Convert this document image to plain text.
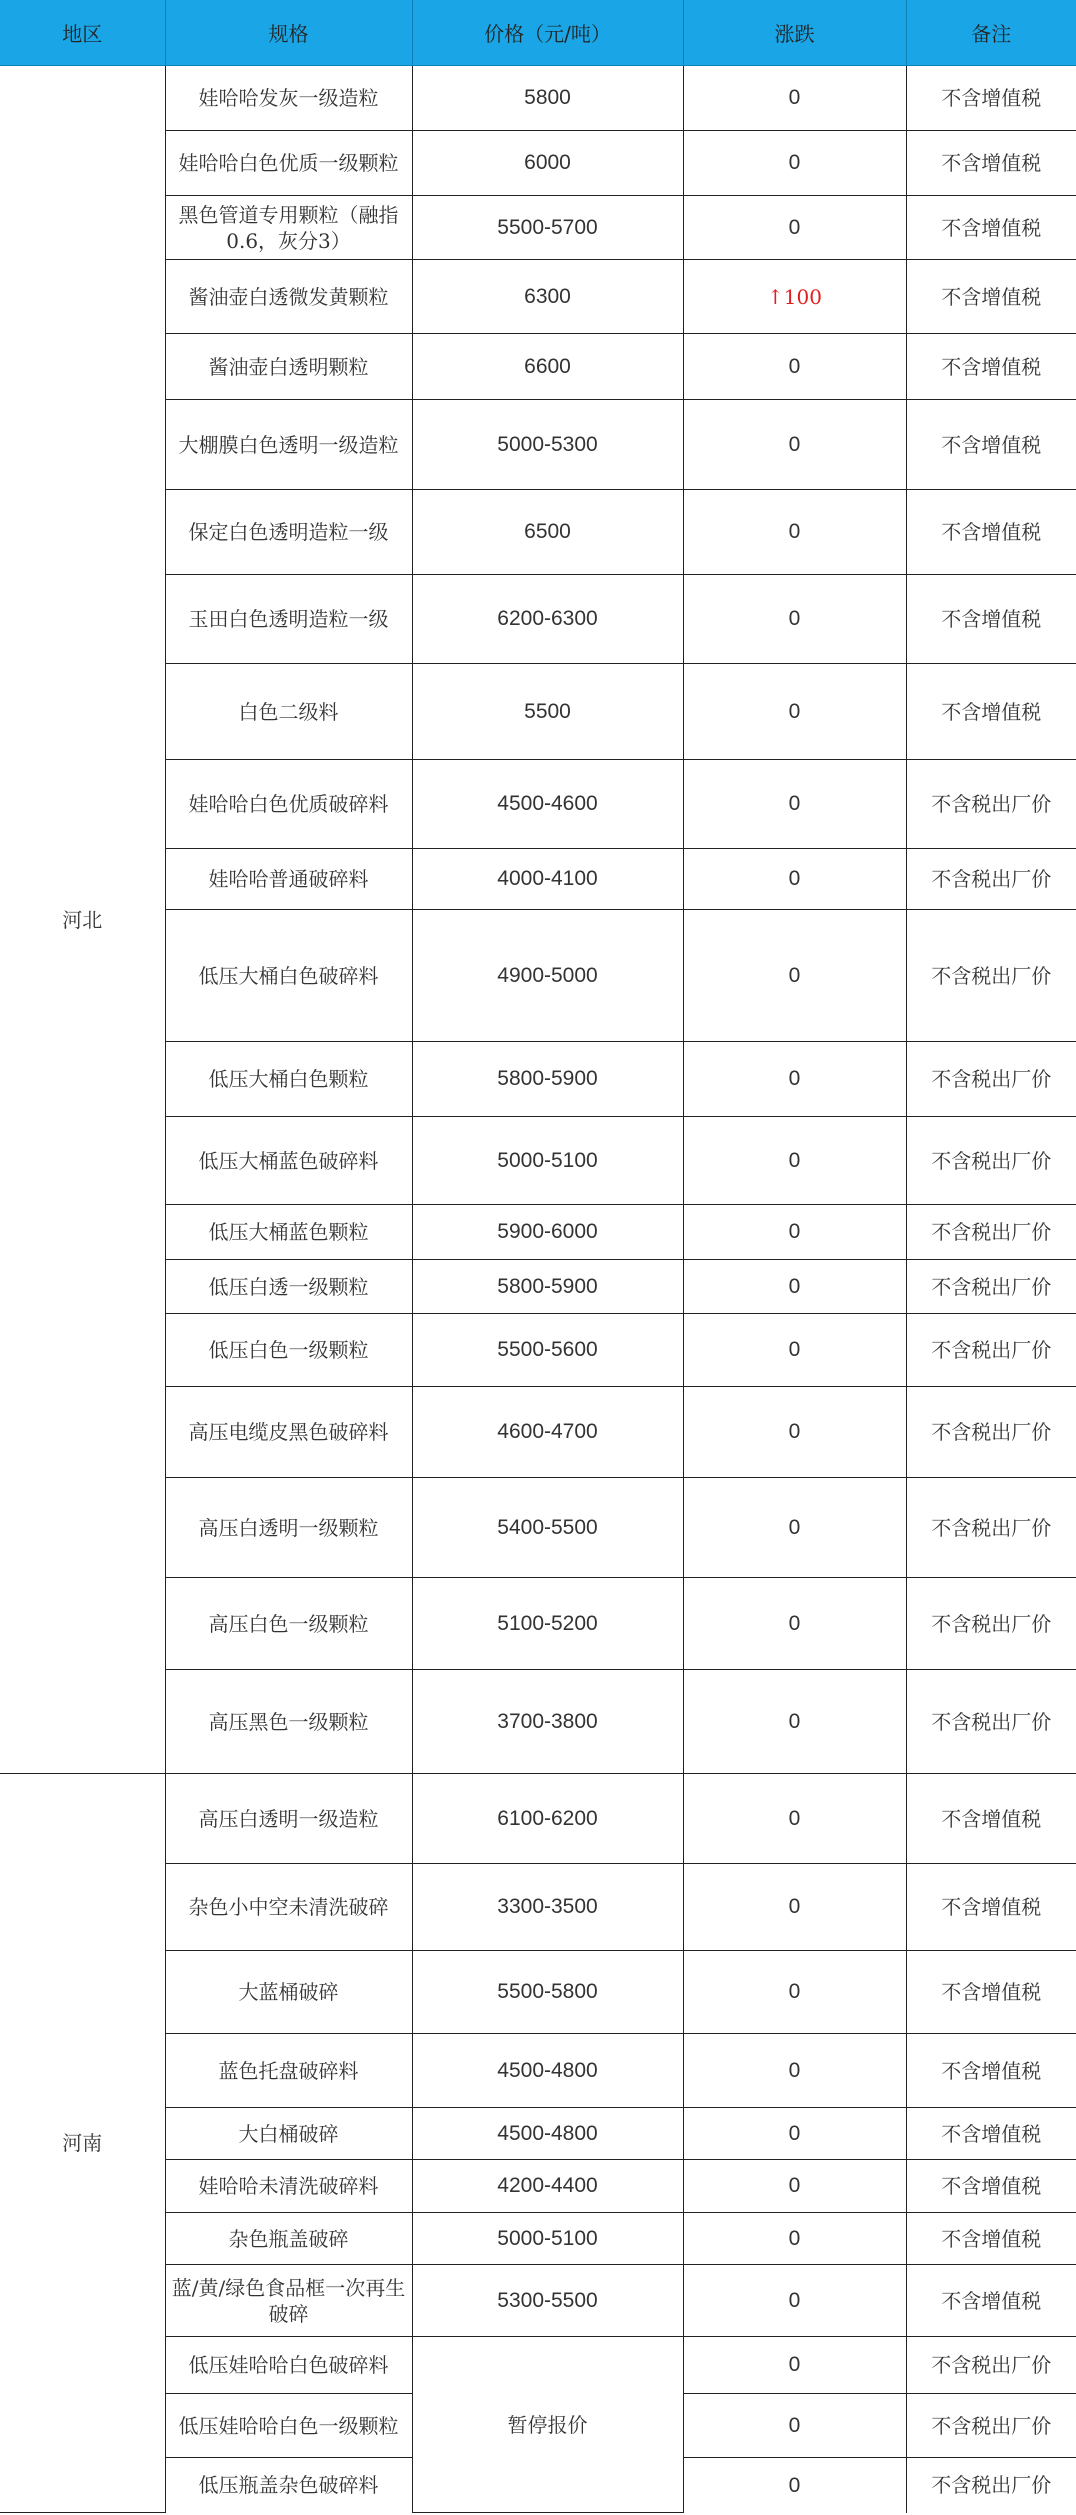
地区	规格	价格（元/吨）	涨跌	备注
河北	娃哈哈发灰一级造粒	5800	0	不含增值税
	娃哈哈白色优质一级颗粒	6000	0	不含增值税
	黑色管道专用颗粒（融指0.6，灰分3）	5500-5700	0	不含增值税
	酱油壶白透微发黄颗粒	6300	↑100	不含增值税
	酱油壶白透明颗粒	6600	0	不含增值税
	大棚膜白色透明一级造粒	5000-5300	0	不含增值税
	保定白色透明造粒一级	6500	0	不含增值税
	玉田白色透明造粒一级	6200-6300	0	不含增值税
	白色二级料	5500	0	不含增值税
	娃哈哈白色优质破碎料	4500-4600	0	不含税出厂价
	娃哈哈普通破碎料	4000-4100	0	不含税出厂价
	低压大桶白色破碎料	4900-5000	0	不含税出厂价
	低压大桶白色颗粒	5800-5900	0	不含税出厂价
	低压大桶蓝色破碎料	5000-5100	0	不含税出厂价
	低压大桶蓝色颗粒	5900-6000	0	不含税出厂价
	低压白透一级颗粒	5800-5900	0	不含税出厂价
	低压白色一级颗粒	5500-5600	0	不含税出厂价
	高压电缆皮黑色破碎料	4600-4700	0	不含税出厂价
	高压白透明一级颗粒	5400-5500	0	不含税出厂价
	高压白色一级颗粒	5100-5200	0	不含税出厂价
	高压黑色一级颗粒	3700-3800	0	不含税出厂价
河南	高压白透明一级造粒	6100-6200	0	不含增值税
	杂色小中空未清洗破碎	3300-3500	0	不含增值税
	大蓝桶破碎	5500-5800	0	不含增值税
	蓝色托盘破碎料	4500-4800	0	不含增值税
	大白桶破碎	4500-4800	0	不含增值税
	娃哈哈未清洗破碎料	4200-4400	0	不含增值税
	杂色瓶盖破碎	5000-5100	0	不含增值税
	蓝/黄/绿色食品框一次再生破碎	5300-5500	0	不含增值税
	低压娃哈哈白色破碎料	暂停报价	0	不含税出厂价
	低压娃哈哈白色一级颗粒		0	不含税出厂价
	低压瓶盖杂色破碎料		0	不含税出厂价
